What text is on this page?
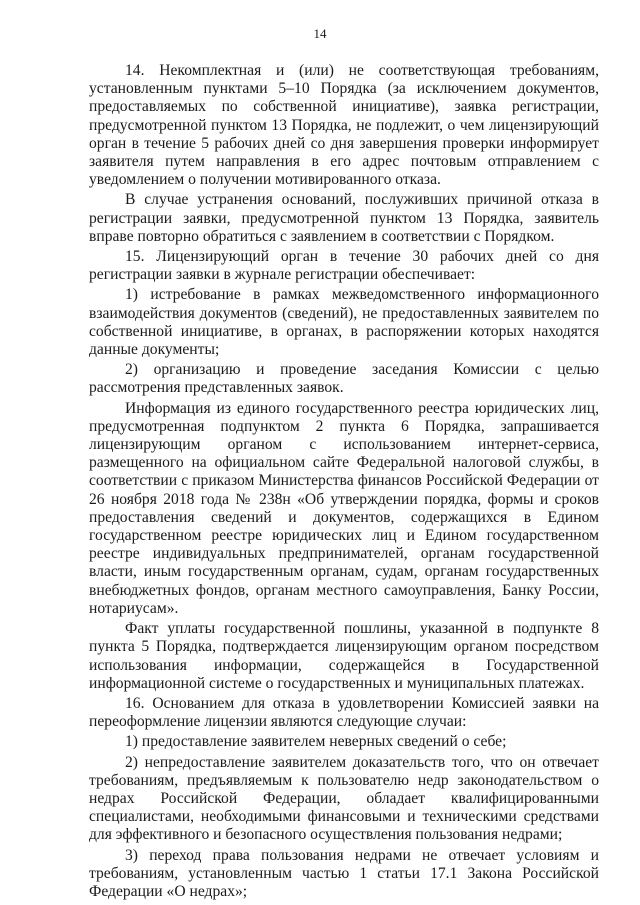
14

14. Некомплектная и (или) не соответствующая требованиям, установленным пунктами 5–10 Порядка (за исключением документов, предоставляемых по собственной инициативе), заявка регистрации, предусмотренной пунктом 13 Порядка, не подлежит, о чем лицензирующий орган в течение 5 рабочих дней со дня завершения проверки информирует заявителя путем направления в его адрес почтовым отправлением с уведомлением о получении мотивированного отказа.

В случае устранения оснований, послуживших причиной отказа в регистрации заявки, предусмотренной пунктом 13 Порядка, заявитель вправе повторно обратиться с заявлением в соответствии с Порядком.

15. Лицензирующий орган в течение 30 рабочих дней со дня регистрации заявки в журнале регистрации обеспечивает:

1) истребование в рамках межведомственного информационного взаимодействия документов (сведений), не предоставленных заявителем по собственной инициативе, в органах, в распоряжении которых находятся данные документы;

2) организацию и проведение заседания Комиссии с целью рассмотрения представленных заявок.

Информация из единого государственного реестра юридических лиц, предусмотренная подпунктом 2 пункта 6 Порядка, запрашивается лицензирующим органом с использованием интернет-сервиса, размещенного на официальном сайте Федеральной налоговой службы, в соответствии с приказом Министерства финансов Российской Федерации от 26 ноября 2018 года № 238н «Об утверждении порядка, формы и сроков предоставления сведений и документов, содержащихся в Едином государственном реестре юридических лиц и Едином государственном реестре индивидуальных предпринимателей, органам государственной власти, иным государственным органам, судам, органам государственных внебюджетных фондов, органам местного самоуправления, Банку России, нотариусам».

Факт уплаты государственной пошлины, указанной в подпункте 8 пункта 5 Порядка, подтверждается лицензирующим органом посредством использования информации, содержащейся в Государственной информационной системе о государственных и муниципальных платежах.

16. Основанием для отказа в удовлетворении Комиссией заявки на переоформление лицензии являются следующие случаи:

1) предоставление заявителем неверных сведений о себе;

2) непредоставление заявителем доказательств того, что он отвечает требованиям, предъявляемым к пользователю недр законодательством о недрах Российской Федерации, обладает квалифицированными специалистами, необходимыми финансовыми и техническими средствами для эффективного и безопасного осуществления пользования недрами;

3) переход права пользования недрами не отвечает условиям и требованиям, установленным частью 1 статьи 17.1 Закона Российской Федерации «О недрах»;
